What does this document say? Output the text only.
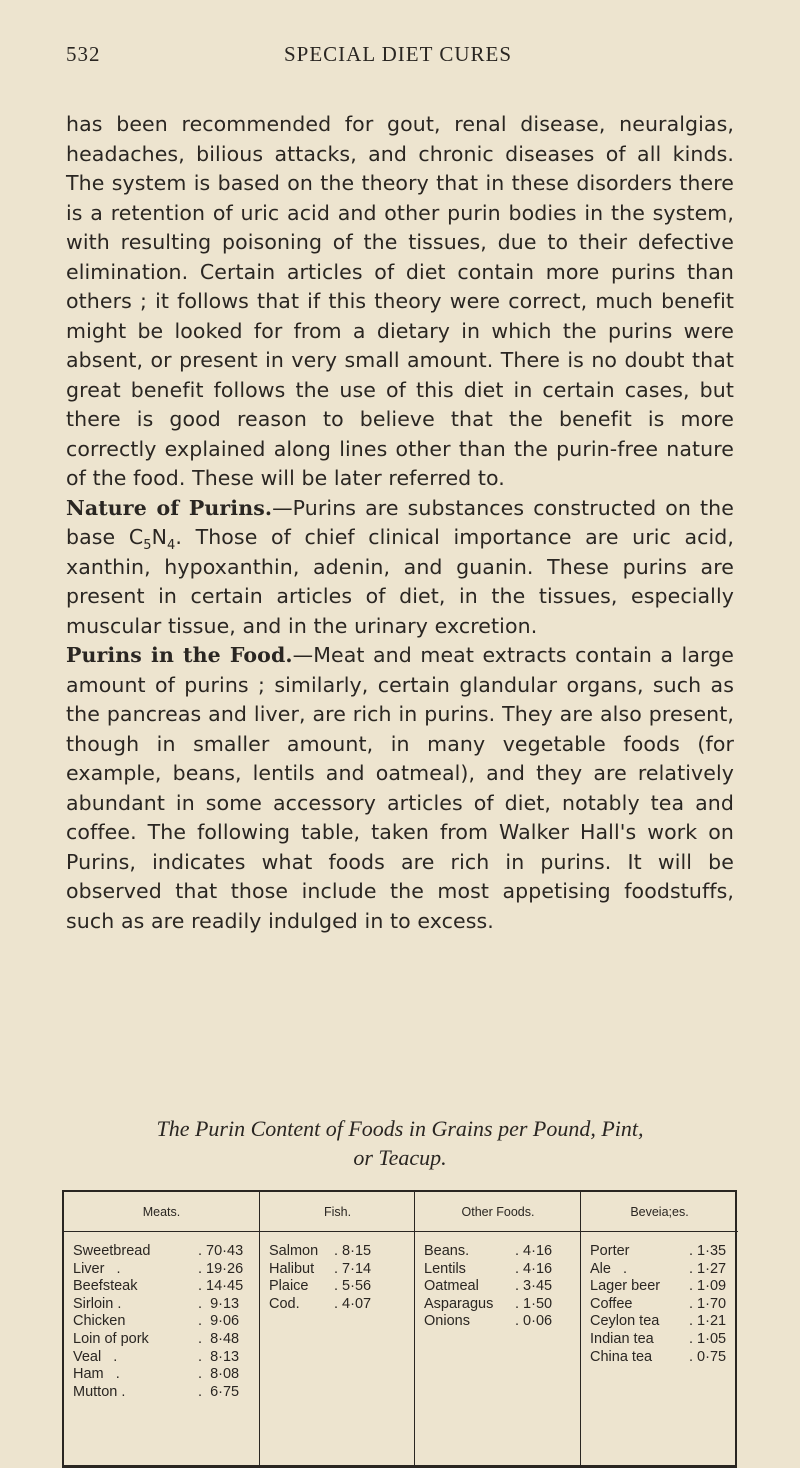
532	SPECIAL DIET CURES

has been recommended for gout, renal disease, neuralgias, headaches, bilious attacks, and chronic diseases of all kinds. The system is based on the theory that in these disorders there is a retention of uric acid and other purin bodies in the system, with resulting poisoning of the tissues, due to their defective elimination. Certain articles of diet contain more purins than others ; it follows that if this theory were correct, much benefit might be looked for from a dietary in which the purins were absent, or present in very small amount. There is no doubt that great benefit follows the use of this diet in certain cases, but there is good reason to believe that the benefit is more correctly explained along lines other than the purin-free nature of the food. These will be later referred to.

Nature of Purins.—Purins are substances constructed on the base $C_5N_4$. Those of chief clinical importance are uric acid, xanthin, hypoxanthin, adenin, and guanin. These purins are present in certain articles of diet, in the tissues, especially muscular tissue, and in the urinary excretion.

Purins in the Food.—Meat and meat extracts contain a large amount of purins ; similarly, certain glandular organs, such as the pancreas and liver, are rich in purins. They are also present, though in smaller amount, in many vegetable foods (for example, beans, lentils and oatmeal), and they are relatively abundant in some accessory articles of diet, notably tea and coffee. The following table, taken from Walker Hall's work on Purins, indicates what foods are rich in purins. It will be observed that those include the most appetising foodstuffs, such as are readily indulged in to excess.

The Purin Content of Foods in Grains per Pound, Pint,
or Teacup.
Meats.
Sweetbread	. 70·43
Liver   .	. 19·26
Beefsteak	. 14·45
Sirloin .	.  9·13
Chicken	.  9·06
Loin of pork	.  8·48
Veal   .	.  8·13
Ham   .	.  8·08
Mutton .	.  6·75
Fish.
Salmon	. 8·15
Halibut	. 7·14
Plaice	. 5·56
Cod.	. 4·07
Other Foods.
Beans.	. 4·16
Lentils	. 4·16
Oatmeal	. 3·45
Asparagus	. 1·50
Onions	. 0·06
Beveia;es.
Porter	. 1·35
Ale   .	. 1·27
Lager beer	. 1·09
Coffee	. 1·70
Ceylon tea	. 1·21
Indian tea	. 1·05
China tea	. 0·75
